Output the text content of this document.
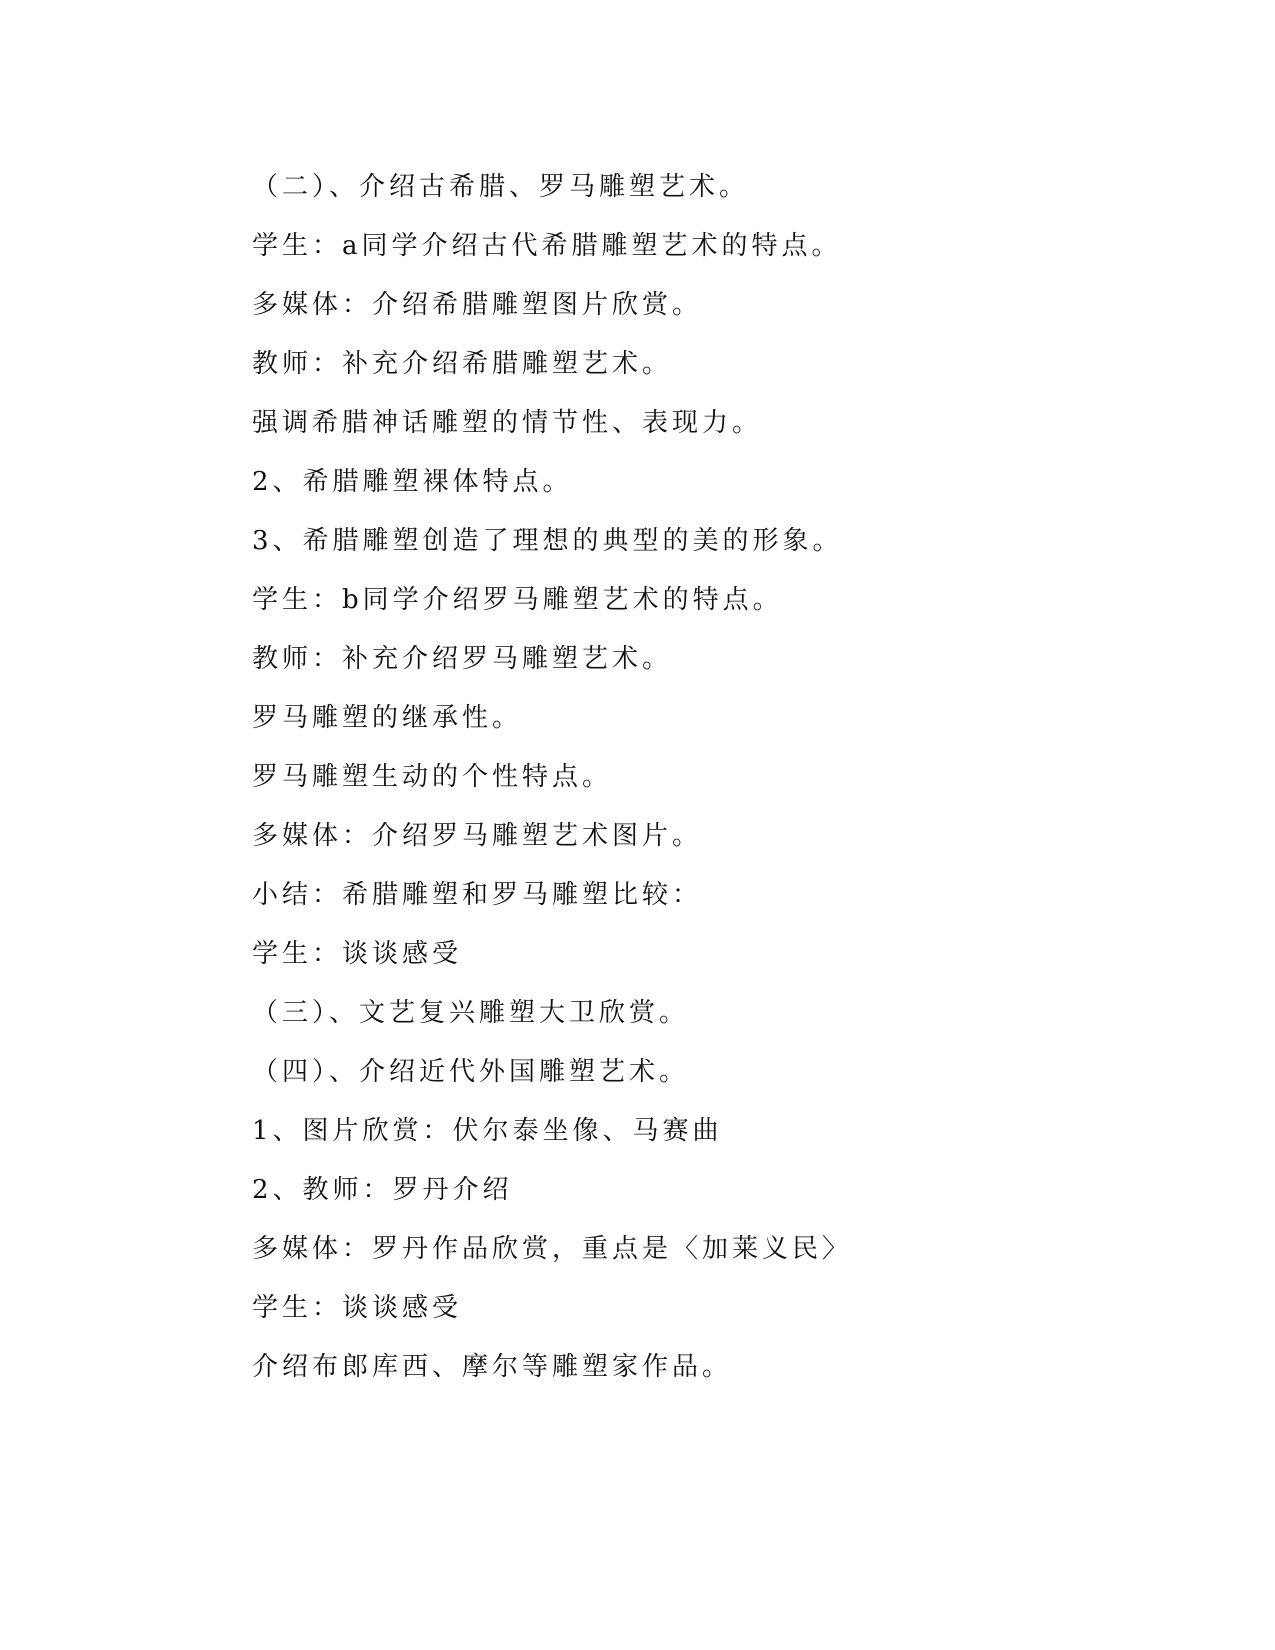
（二）、介绍古希腊、罗马雕塑艺术。
学生：a同学介绍古代希腊雕塑艺术的特点。
多媒体：介绍希腊雕塑图片欣赏。
教师：补充介绍希腊雕塑艺术。
强调希腊神话雕塑的情节性、表现力。
2、希腊雕塑裸体特点。
3、希腊雕塑创造了理想的典型的美的形象。
学生：b同学介绍罗马雕塑艺术的特点。
教师：补充介绍罗马雕塑艺术。
罗马雕塑的继承性。
罗马雕塑生动的个性特点。
多媒体：介绍罗马雕塑艺术图片。
小结：希腊雕塑和罗马雕塑比较：
学生：谈谈感受
（三）、文艺复兴雕塑大卫欣赏。
（四）、介绍近代外国雕塑艺术。
1、图片欣赏：伏尔泰坐像、马赛曲
2、教师：罗丹介绍
多媒体：罗丹作品欣赏，重点是〈加莱义民〉
学生：谈谈感受
介绍布郎库西、摩尔等雕塑家作品。
